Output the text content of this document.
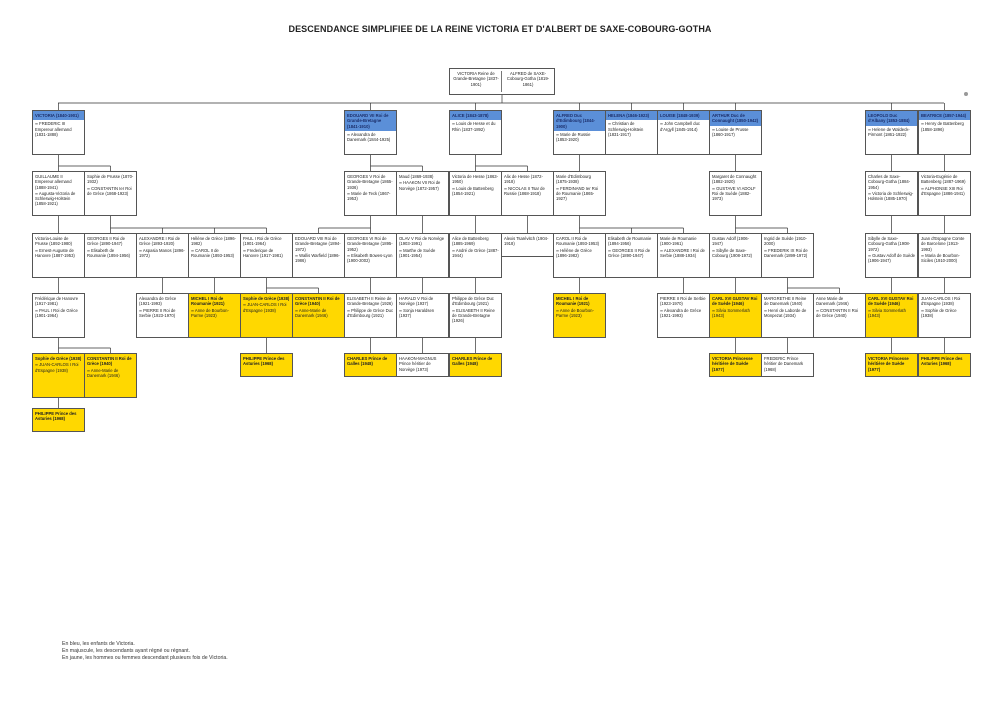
DESCENDANCE SIMPLIFIEE DE LA REINE VICTORIA ET D'ALBERT DE SAXE-COBOURG-GOTHA
VICTORIA Reine de Grande-Bretagne (1837-1901)
ALFRED de SAXE-Cobourg-Gotha (1819-1861)
VICTORIA (1840-1901)
∞ FREDERIC III Empereur allemand (1831-1888)
EDOUARD VII Roi de Grande-Bretagne (1841-1910)
∞ Alexandra de Danemark (1844-1925)
ALICE (1843-1878)
∞ Louis de Hesse et du Rhin (1837-1892)
ALFRED Duc d'Edimbourg (1844-1900)
∞ Marie de Russie (1853-1920)
HELENA (1846-1923)
∞ Christian de Schleswig-Holstein (1831-1917)
LOUISE (1848-1939)
∞ John Campbell duc d'Argyll (1845-1914)
ARTHUR Duc de Connaught (1850-1942)
∞ Louise de Prusse (1860-1917)
LEOPOLD Duc d'Albany (1853-1884)
∞ Helene de Waldeck-Pirmont (1861-1922)
BEATRICE (1857-1944)
∞ Henry de Battenberg (1858-1896)
GUILLAUME II Empereur allemand (1888-1941)
∞ Augusta-Victoria de Schleswig-Holstein (1858-1921)
Sophie de Prusse (1870-1932)
∞ CONSTANTIN Ier Roi de Grèce (1868-1923)
GEORGES V Roi de Grande-Bretagne (1865-1936)
∞ Marie de Teck (1867-1953)
Maud (1869-1938)
∞ HAAKON VII Roi de Norvège (1872-1957)
Victoria de Hesse (1863-1950)
∞ Louis de Battenberg (1854-1921)
Alix de Hesse (1872-1918)
∞ NICOLAS II Tsar de Russie (1868-1918)
Marie d'Edimbourg (1875-1938)
∞ FERDINAND Ier Roi de Roumanie (1865-1927)
Margaret de Connaught (1882-1920)
∞ GUSTAVE VI ADOLF Roi de Suède (1882-1973)
Charles de Saxe-Cobourg-Gotha (1884-1954)
∞ Victoria de Schleswig-Holstein (1885-1970)
Victoria-Eugénie de Battenberg (1887-1969)
∞ ALPHONSE XIII Roi d'Espagne (1886-1941)
Victoria-Louise de Prusse (1892-1980)
∞ Ernest-Auguste de Hanovre (1887-1953)
GEORGES II Roi de Grèce (1890-1947)
∞ Elisabeth de Roumanie (1894-1956)
ALEXANDRE I Roi de Grèce (1893-1920)
∞ Aspasia Manos (1896-1972)
Hélène de Grèce (1896-1982)
∞ CAROL II de Roumanie (1893-1953)
PAUL I Roi de Grèce (1901-1964)
∞ Frederique de Hanovre (1917-1981)
EDOUARD VIII Roi de Grande-Bretagne (1894-1972)
∞ Wallis Warfield (1896-1986)
GEORGES VI Roi de Grande-Bretagne (1895-1952)
∞ Elisabeth Bowes-Lyon (1900-2002)
OLAV V Roi de Norvège (1903-1991)
∞ Marthe de Suède (1901-1954)
Alice de Battenberg (1885-1969)
∞ André de Grèce (1887-1944)
Alexis Tsarévitch (1904-1918)
CAROL II Roi de Roumanie (1893-1953)
∞ Hélène de Grèce (1896-1982)
Elisabeth de Roumanie (1894-1956)
∞ GEORGES II Roi de Grèce (1890-1947)
Marie de Roumanie (1900-1961)
∞ ALEXANDRE I Roi de Serbie (1888-1934)
Gustav Adolf (1906-1947)
∞ Sibylle de Saxe-Cobourg (1908-1972)
Ingrid de Suède (1910-2000)
∞ FREDERIK IX Roi de Danemark (1899-1972)
Sibylle de Saxe-Cobourg-Gotha (1908-1972)
∞ Gustav Adolf de Suède (1906-1947)
Juan d'Espagne Comte de Barcelone (1913-1993)
∞ Maria de Bourbon-Siciles (1910-2000)
Frédérique de Hanovre (1917-1981)
∞ PAUL I Roi de Grèce (1901-1964)
Alexandra de Grèce (1921-1993)
∞ PIERRE II Roi de Serbie (1923-1970)
MICHEL I Roi de Roumanie (1921)
∞ Anne de Bourbon-Parme (1923)
Sophie de Grèce (1938)
∞ JUAN-CARLOS I Roi d'Espagne (1938)
CONSTANTIN II Roi de Grèce (1940)
∞ Anne-Marie de Danemark (1946)
ELISABETH II Reine de Grande-Bretagne (1926)
∞ Philippe de Grèce Duc d'Edimbourg (1921)
HARALD V Roi de Norvège (1937)
∞ Sonja Haraldsen (1937)
Philippe de Grèce Duc d'Edimbourg (1921)
∞ ELISABETH II Reine de Grande-Bretagne (1926)
MICHEL I Roi de Roumanie (1921)
∞ Anne de Bourbon-Parme (1923)
PIERRE II Roi de Serbie (1923-1970)
∞ Alexandra de Grèce (1921-1993)
CARL XVI GUSTAV Roi de Suède (1946)
∞ Silvia Sommerlath (1943)
MARGRETHE II Reine de Danemark (1940)
∞ Henri de Laborde de Monpezat (1934)
Anne Marie de Danemark (1946)
∞ CONSTANTIN II Roi de Grèce (1940)
CARL XVI GUSTAV Roi de Suède (1946)
∞ Silvia Sommerlath (1943)
JUAN-CARLOS I Roi d'Espagne (1938)
∞ Sophie de Grèce (1938)
Sophie de Grèce (1938)
∞ JUAN-CARLOS I Roi d'Espagne (1938)
CONSTANTIN II Roi de Grèce (1940)
∞ Anne-Marie de Danemark (1946)
PHILIPPE Prince des Asturies (1968)
CHARLES Prince de Galles (1948)
HAAKON-MAGNUS Prince héritier de Norvège (1973)
CHARLES Prince de Galles (1948)
VICTORIA Princesse héritière de Suède (1977)
FREDERIC Prince héritier de Danemark (1968)
VICTORIA Princesse héritière de Suède (1977)
PHILIPPE Prince des Asturies (1968)
PHILIPPE Prince des Asturies (1968)
En bleu, les enfants de Victoria.
En majuscule, les descendants ayant régné ou régnant.
En jaune, les hommes ou femmes descendant plusieurs fois de Victoria.
